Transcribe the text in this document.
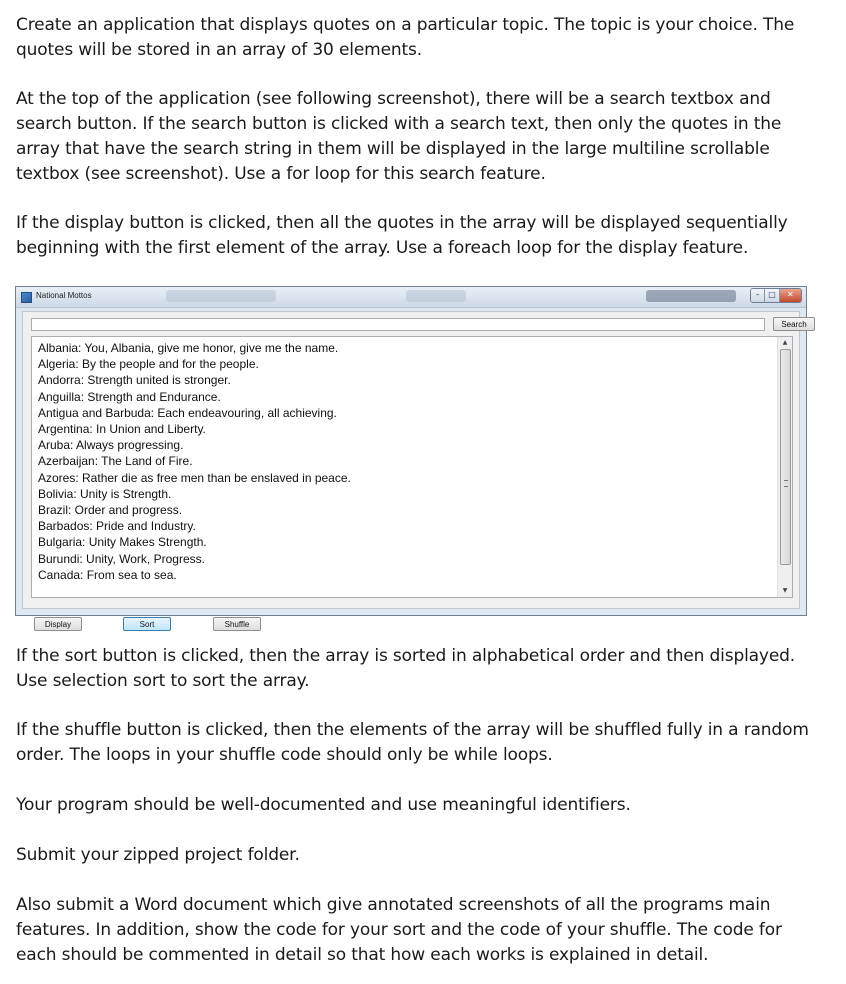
Create an application that displays quotes on a particular topic. The topic is your choice. The
quotes will be stored in an array of 30 elements.

At the top of the application (see following screenshot), there will be a search textbox and
search button. If the search button is clicked with a search text, then only the quotes in the
array that have the search string in them will be displayed in the large multiline scrollable
textbox (see screenshot). Use a for loop for this search feature.

If the display button is clicked, then all the quotes in the array will be displayed sequentially
beginning with the first element of the array. Use a foreach loop for the display feature.

National Mottos	–	□	✕
Search
Albania: You, Albania, give me honor, give me the name.
Algeria: By the people and for the people.
Andorra: Strength united is stronger.
Anguilla: Strength and Endurance.
Antigua and Barbuda: Each endeavouring, all achieving.
Argentina: In Union and Liberty.
Aruba: Always progressing.
Azerbaijan: The Land of Fire.
Azores: Rather die as free men than be enslaved in peace.
Bolivia: Unity is Strength.
Brazil: Order and progress.
Barbados: Pride and Industry.
Bulgaria: Unity Makes Strength.
Burundi: Unity, Work, Progress.
Canada: From sea to sea.
▲
▼
Display	Sort	Shuffle

If the sort button is clicked, then the array is sorted in alphabetical order and then displayed.
Use selection sort to sort the array.

If the shuffle button is clicked, then the elements of the array will be shuffled fully in a random
order. The loops in your shuffle code should only be while loops.

Your program should be well-documented and use meaningful identifiers.

Submit your zipped project folder.

Also submit a Word document which give annotated screenshots of all the programs main
features. In addition, show the code for your sort and the code of your shuffle. The code for
each should be commented in detail so that how each works is explained in detail.
